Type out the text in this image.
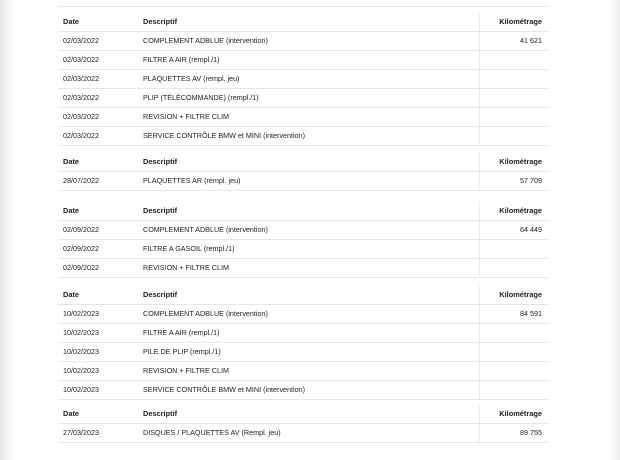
Date	Descriptif	Kilométrage
02/03/2022	COMPLEMENT ADBLUE (intervention)	41 621
02/03/2022	FILTRE A AIR (rempl./1)
02/03/2022	PLAQUETTES AV (rempl. jeu)
02/03/2022	PLIP (TÉLÉCOMMANDE) (rempl./1)
02/03/2022	REVISION + FILTRE CLIM
02/03/2022	SERVICE CONTRÔLE BMW et MINI (intervention)
Date	Descriptif	Kilométrage
28/07/2022	PLAQUETTES AR (rempl. jeu)	57 709
Date	Descriptif	Kilométrage
02/09/2022	COMPLEMENT ADBLUE (intervention)	64 449
02/09/2022	FILTRE A GASOIL (rempl./1)
02/09/2022	REVISION + FILTRE CLIM
Date	Descriptif	Kilométrage
10/02/2023	COMPLEMENT ADBLUE (intervention)	84 591
10/02/2023	FILTRE A AIR (rempl./1)
10/02/2023	PILE DE PLIP (rempl./1)
10/02/2023	REVISION + FILTRE CLIM
10/02/2023	SERVICE CONTRÔLE BMW et MINI (intervention)
Date	Descriptif	Kilométrage
27/03/2023	DISQUES / PLAQUETTES AV (Rempl. jeu)	89 755
